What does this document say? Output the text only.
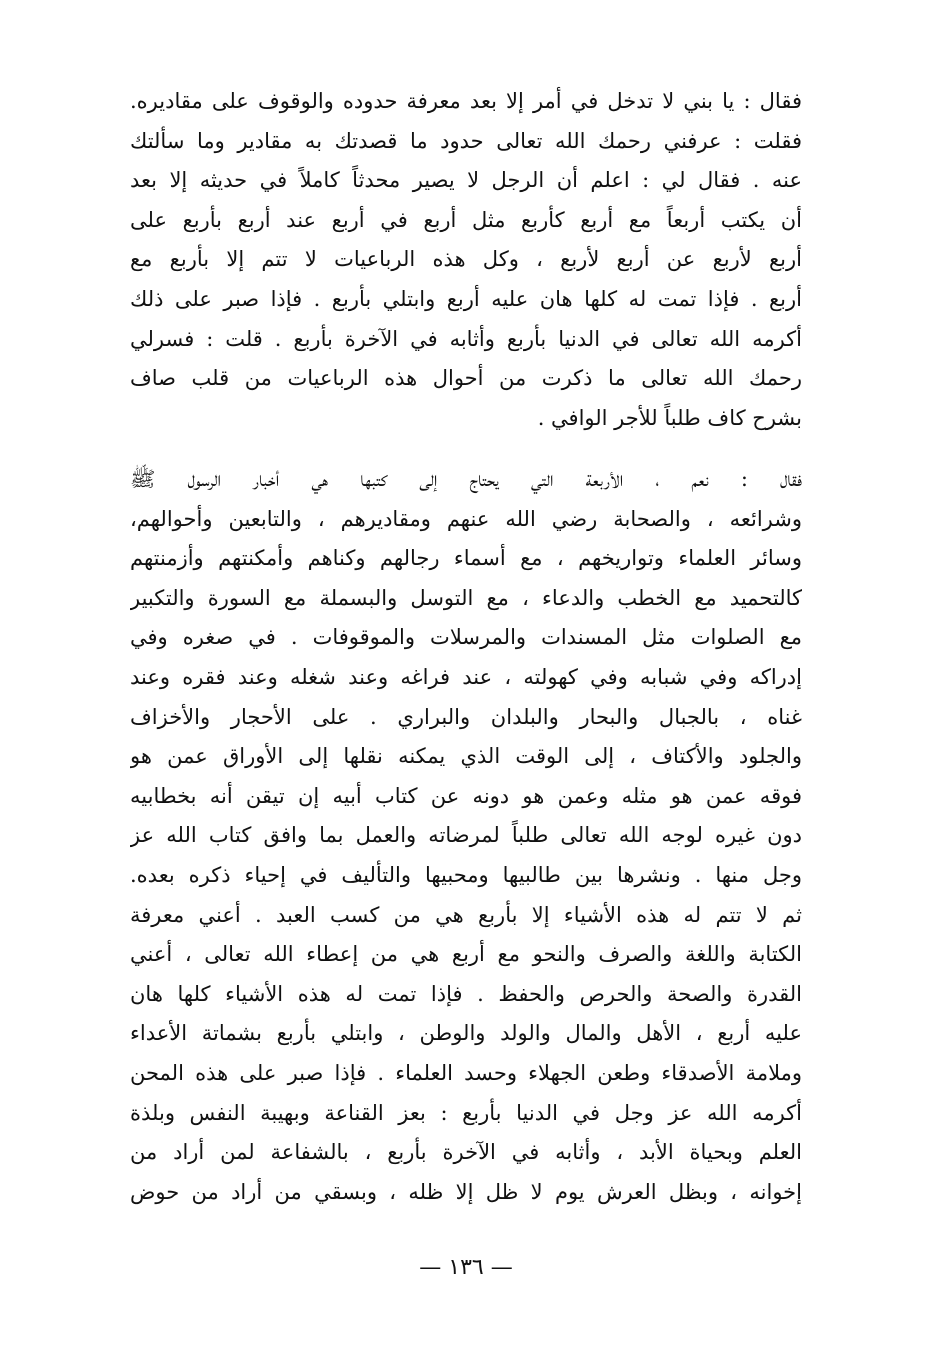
فقال : يا بني لا تدخل في أمر إلا بعد معرفة حدوده والوقوف على مقاديره.
فقلت : عرفني رحمك الله تعالى حدود ما قصدتك به مقادير وما سألتك
عنه . فقال لي : اعلم أن الرجل لا يصير محدثاً كاملاً في حديثه إلا بعد
أن يكتب أربعاً مع أربع كأربع مثل أربع في أربع عند أربع بأربع على
أربع لأربع عن أربع لأربع ، وكل هذه الرباعيات لا تتم إلا بأربع مع
أربع . فإذا تمت له كلها هان عليه أربع وابتلي بأربع . فإذا صبر على ذلك
أكرمه الله تعالى في الدنيا بأربع وأثابه في الآخرة بأربع . قلت : فسرلي
رحمك الله تعالى ما ذكرت من أحوال هذه الرباعيات من قلب صاف
بشرح كاف طلباً للأجر الوافي .
فقال : نعم ، الأربعة التي يحتاج إلى كتبها هي أخبار الرسول ﷺ
وشرائعه ، والصحابة رضي الله عنهم ومقاديرهم ، والتابعين وأحوالهم،
وسائر العلماء وتواريخهم ، مع أسماء رجالهم وكناهم وأمكنتهم وأزمنتهم
كالتحميد مع الخطب والدعاء ، مع التوسل والبسملة مع السورة والتكبير
مع الصلوات مثل المسندات والمرسلات والموقوفات . في صغره وفي
إدراكه وفي شبابه وفي كهولته ، عند فراغه وعند شغله وعند فقره وعند
غناه ، بالجبال والبحار والبلدان والبراري . على الأحجار والأخزاف
والجلود والأكتاف ، إلى الوقت الذي يمكنه نقلها إلى الأوراق عمن هو
فوقه عمن هو مثله وعمن هو دونه عن كتاب أبيه إن تيقن أنه بخطابيه
دون غيره لوجه الله تعالى طلباً لمرضاته والعمل بما وافق كتاب الله عز
وجل منها . ونشرها بين طالبيها ومحبيها والتأليف في إحياء ذكره بعده.
ثم لا تتم له هذه الأشياء إلا بأربع هي من كسب العبد . أعني معرفة
الكتابة واللغة والصرف والنحو مع أربع هي من إعطاء الله تعالى ، أعني
القدرة والصحة والحرص والحفظ . فإذا تمت له هذه الأشياء كلها هان
عليه أربع ، الأهل والمال والولد والوطن ، وابتلي بأربع بشماتة الأعداء
وملامة الأصدقاء وطعن الجهلاء وحسد العلماء . فإذا صبر على هذه المحن
أكرمه الله عز وجل في الدنيا بأربع : بعز القناعة وبهيبة النفس وبلذة
العلم وبحياة الأبد ، وأثابه في الآخرة بأربع ، بالشفاعة لمن أراد من
إخوانه ، وبظل العرش يوم لا ظل إلا ظله ، وبسقي من أراد من حوض
— ١٣٦ —
